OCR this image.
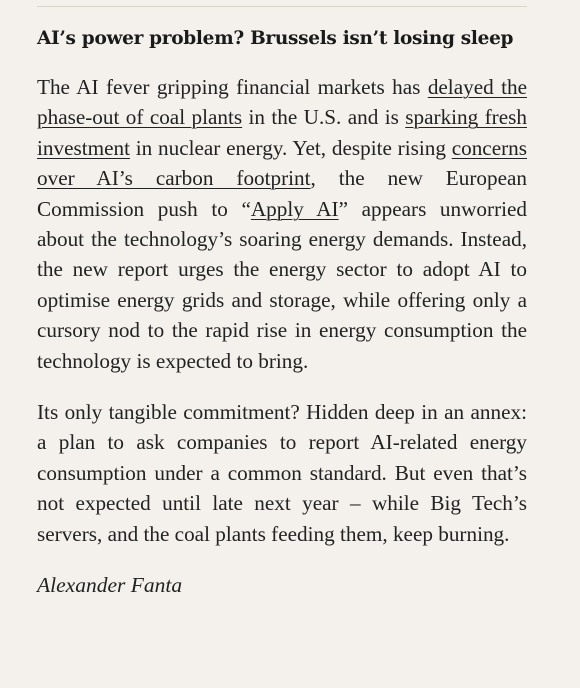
AI’s power problem? Brussels isn’t losing sleep

The AI fever gripping financial markets has delayed the phase-out of coal plants in the U.S. and is sparking fresh investment in nuclear energy. Yet, despite rising concerns over AI’s carbon footprint, the new European Commission push to “Apply AI” appears unworried about the technology’s soaring energy demands. Instead, the new report urges the energy sector to adopt AI to optimise energy grids and storage, while offering only a cursory nod to the rapid rise in energy consumption the technology is expected to bring.

Its only tangible commitment? Hidden deep in an annex: a plan to ask companies to report AI-related energy consumption under a common standard. But even that’s not expected until late next year – while Big Tech’s servers, and the coal plants feeding them, keep burning.

Alexander Fanta
